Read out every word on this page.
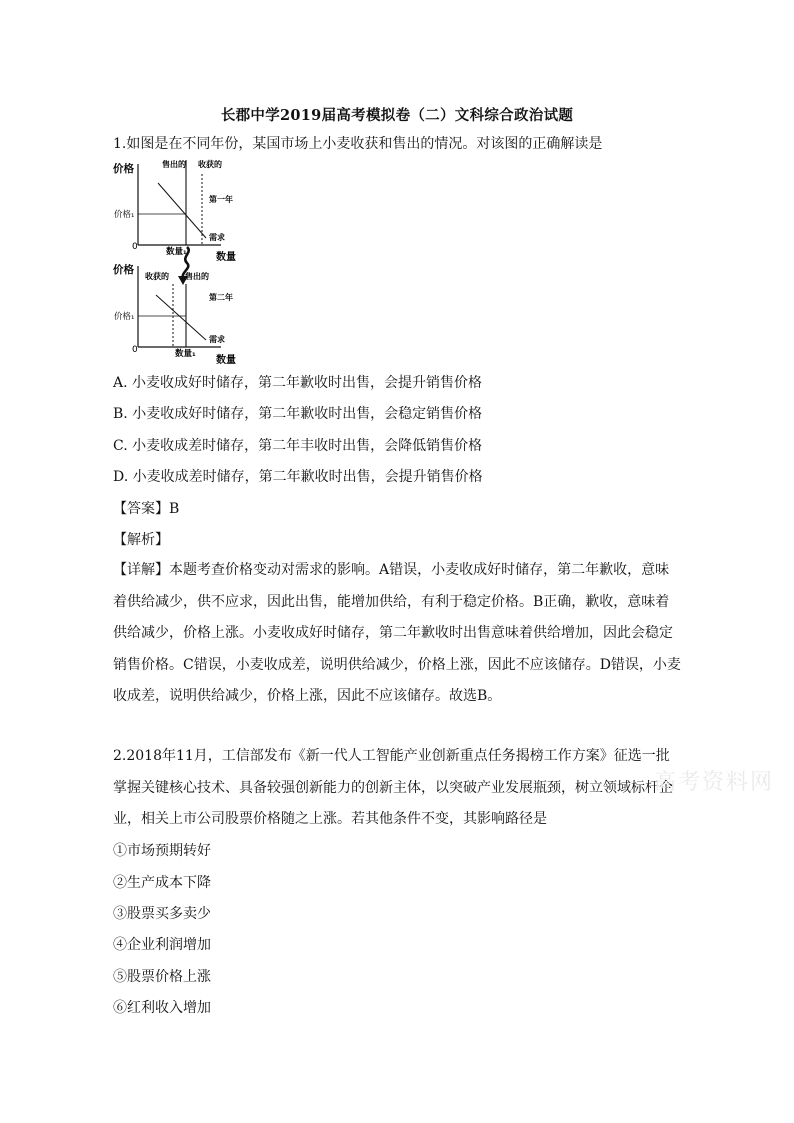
长郡中学2019届高考模拟卷（二）文科综合政治试题
1.如图是在不同年份，某国市场上小麦收获和售出的情况。对该图的正确解读是
价格
0
价格₁
售出的 收获的
第一年
需求
数量₁	数量
价格
0
价格₁
收获的 售出的
第二年
需求
数量₁
数量
A. 小麦收成好时储存，第二年歉收时出售，会提升销售价格
B. 小麦收成好时储存，第二年歉收时出售，会稳定销售价格
C. 小麦收成差时储存，第二年丰收时出售，会降低销售价格
D. 小麦收成差时储存，第二年歉收时出售，会提升销售价格
【答案】B
【解析】
【详解】本题考查价格变动对需求的影响。A错误，小麦收成好时储存，第二年歉收，意味着供给减少，供不应求，因此出售，能增加供给，有利于稳定价格。B正确，歉收，意味着供给减少，价格上涨。小麦收成好时储存，第二年歉收时出售意味着供给增加，因此会稳定销售价格。C错误，小麦收成差，说明供给减少，价格上涨，因此不应该储存。D错误，小麦收成差，说明供给减少，价格上涨，因此不应该储存。故选B。
2.2018年11月，工信部发布《新一代人工智能产业创新重点任务揭榜工作方案》征选一批掌握关键核心技术、具备较强创新能力的创新主体，以突破产业发展瓶颈，树立领域标杆企业，相关上市公司股票价格随之上涨。若其他条件不变，其影响路径是
①市场预期转好
②生产成本下降
③股票买多卖少
④企业利润增加
⑤股票价格上涨
⑥红利收入增加
高考资料网
